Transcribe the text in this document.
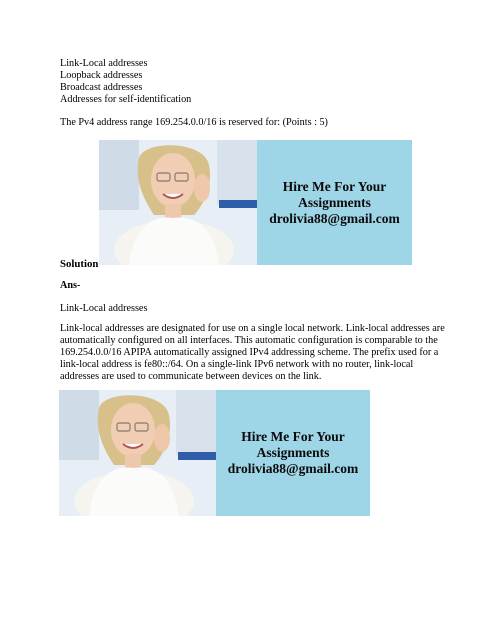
Link-Local addresses
Loopback addresses
Broadcast addresses
Addresses for self-identification
The Pv4 address range 169.254.0.0/16 is reserved for: (Points : 5)
Hire Me For Your
Assignments
drolivia88@gmail.com
Solution
Ans-
Link-Local addresses
Link-local addresses are designated for use on a single local network. Link-local addresses are automatically configured on all interfaces. This automatic configuration is comparable to the 169.254.0.0/16 APIPA automatically assigned IPv4 addressing scheme. The prefix used for a link-local address is fe80::/64. On a single-link IPv6 network with no router, link-local addresses are used to communicate between devices on the link.
Hire Me For Your
Assignments
drolivia88@gmail.com
